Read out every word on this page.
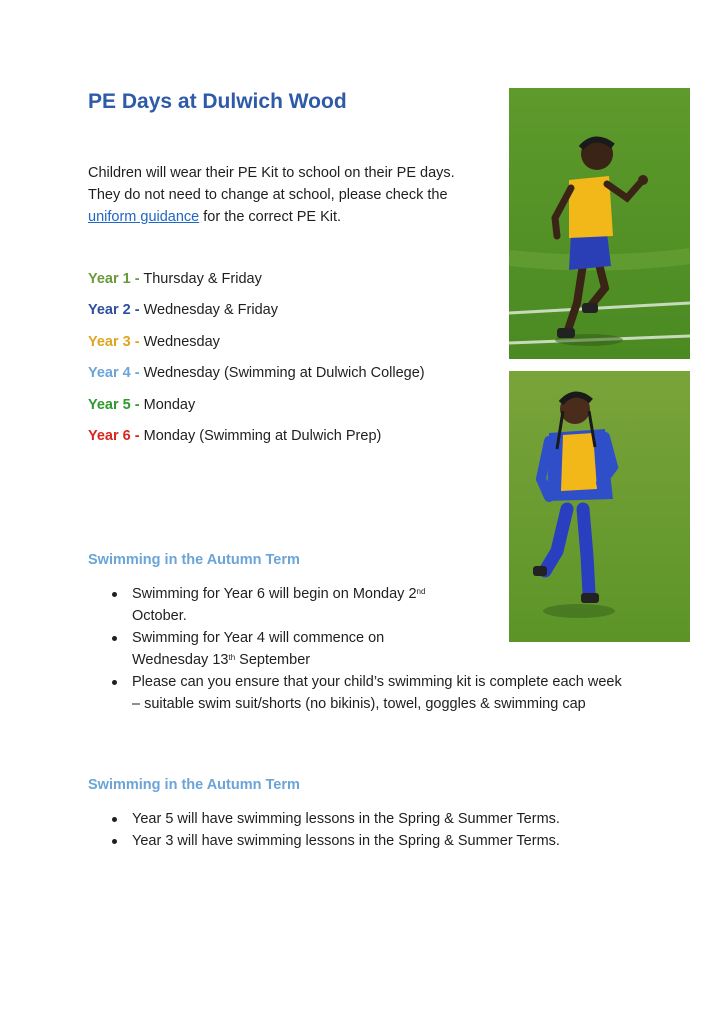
PE Days at Dulwich Wood

Children will wear their PE Kit to school on their PE days. They do not need to change at school, please check the uniform guidance for the correct PE Kit.

Year 1 - Thursday & Friday
Year 2 - Wednesday & Friday
Year 3 - Wednesday
Year 4 - Wednesday (Swimming at Dulwich College)
Year 5 - Monday
Year 6 - Monday (Swimming at Dulwich Prep)
Swimming in the Autumn Term
Swimming for Year 6 will begin on Monday 2nd
October.
Swimming for Year 4 will commence on Wednesday 13th September
Please can you ensure that your child’s swimming kit is complete each week – suitable swim suit/shorts (no bikinis), towel, goggles & swimming cap
Swimming in the Autumn Term
Year 5 will have swimming lessons in the Spring & Summer Terms.
Year 3 will have swimming lessons in the Spring & Summer Terms.
